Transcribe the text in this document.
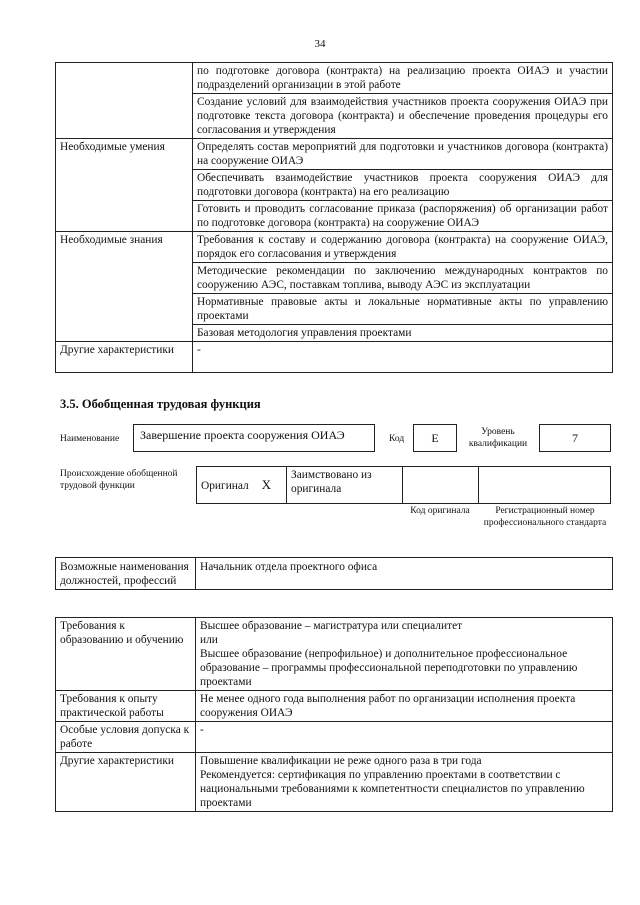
34
	по подготовке договора (контракта) на реализацию проекта ОИАЭ и участии подразделений организации в этой работе
	Создание условий для взаимодействия участников проекта сооружения ОИАЭ при подготовке текста договора (контракта) и обеспечение проведения процедуры его согласования и утверждения
Необходимые умения	Определять состав мероприятий для подготовки и участников договора (контракта) на сооружение ОИАЭ
	Обеспечивать взаимодействие участников проекта сооружения ОИАЭ для подготовки договора (контракта) на его реализацию
	Готовить и проводить согласование приказа (распоряжения) об организации работ по подготовке договора (контракта) на сооружение ОИАЭ
Необходимые знания	Требования к составу и содержанию договора (контракта) на сооружение ОИАЭ, порядок его согласования и утверждения
	Методические рекомендации по заключению международных контрактов по сооружению АЭС, поставкам топлива, выводу АЭС из эксплуатации
	Нормативные правовые акты и локальные нормативные акты по управлению проектами
	Базовая методология управления проектами
Другие характеристики	-
3.5. Обобщенная трудовая функция
Наименование Завершение проекта сооружения ОИАЭ	Код	E	Уровень квалификации	7
Происхождение обобщенной трудовой функции	Оригинал X	Заимствовано из оригинала		
Код оригинала	Регистрационный номер профессионального стандарта
Возможные наименования должностей, профессий	Начальник отдела проектного офиса
Требования к образованию и обучению	Высшее образование – магистратура или специалитет
или
Высшее образование (непрофильное) и дополнительное профессиональное образование – программы профессиональной переподготовки по управлению проектами

Требования к опыту практической работы	Не менее одного года выполнения работ по организации исполнения проекта сооружения ОИАЭ

Особые условия допуска к работе	-

Другие характеристики	Повышение квалификации не реже одного раза в три года
Рекомендуется: сертификация по управлению проектами в соответствии с национальными требованиями к компетентности специалистов по управлению проектами
